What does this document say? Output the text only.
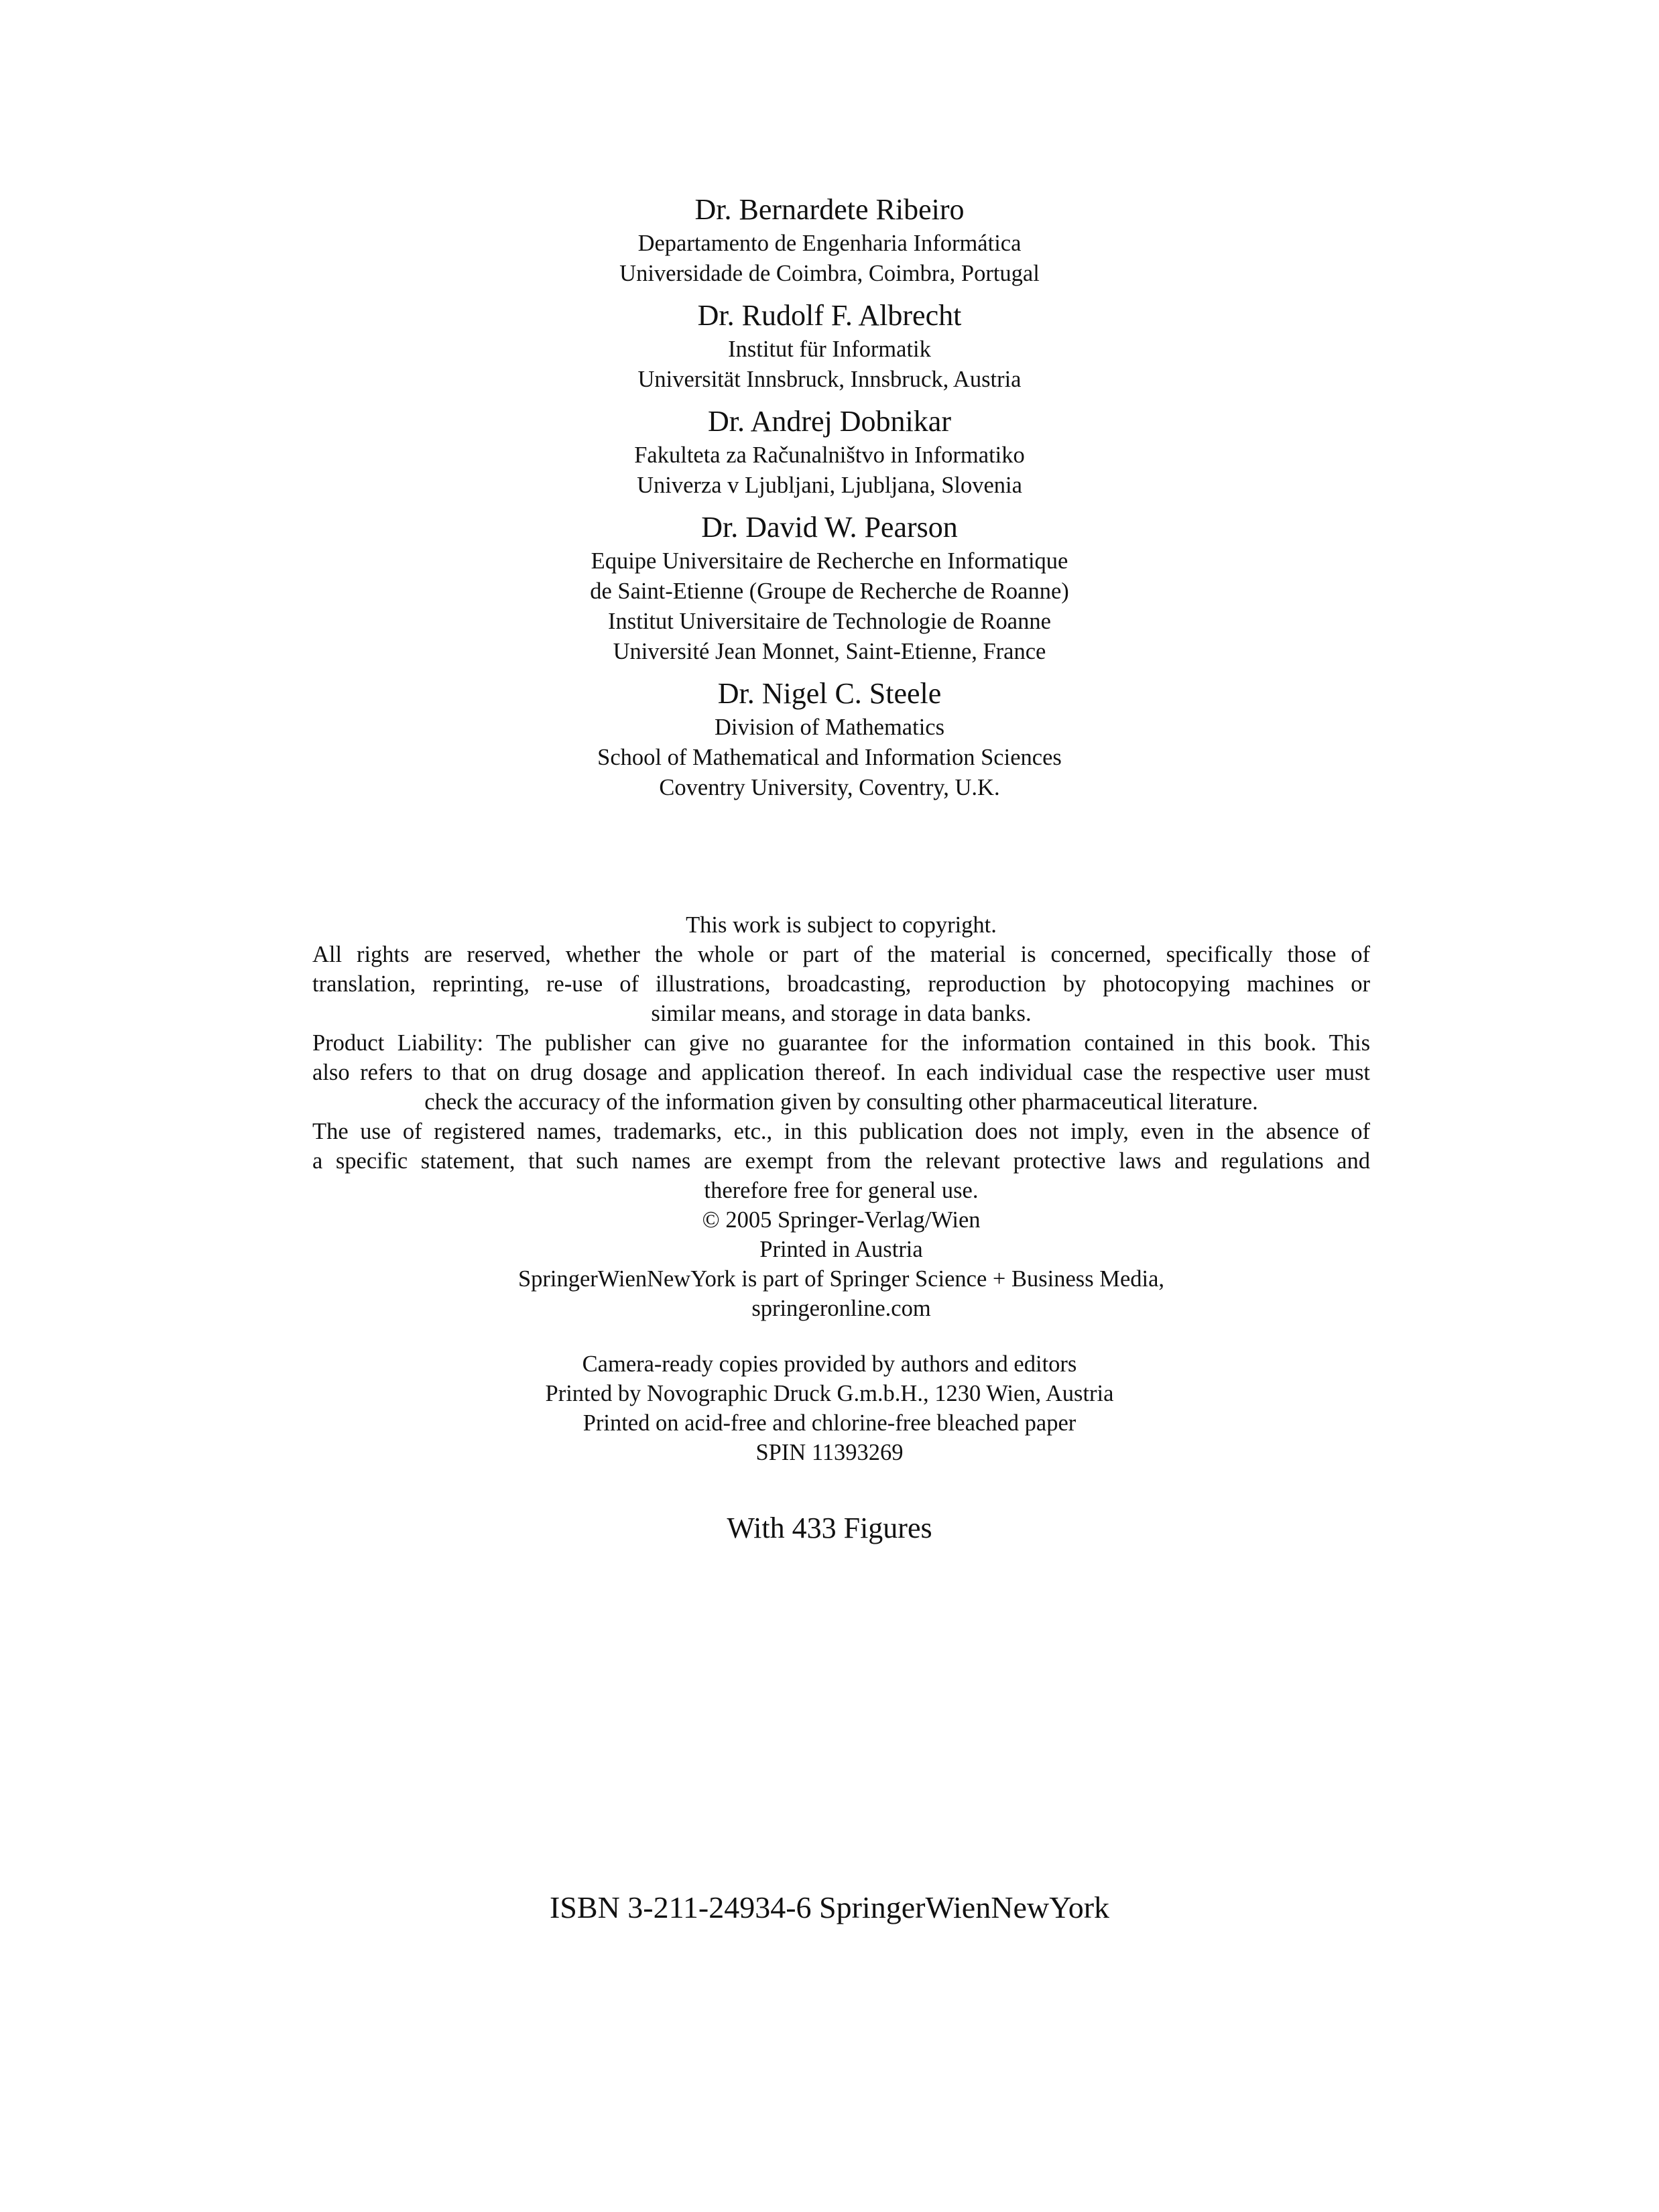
Dr. Bernardete Ribeiro
Departamento de Engenharia Informática
Universidade de Coimbra, Coimbra, Portugal
Dr. Rudolf F. Albrecht
Institut für Informatik
Universität Innsbruck, Innsbruck, Austria
Dr. Andrej Dobnikar
Fakulteta za Računalništvo in Informatiko
Univerza v Ljubljani, Ljubljana, Slovenia
Dr. David W. Pearson
Equipe Universitaire de Recherche en Informatique
de Saint-Etienne (Groupe de Recherche de Roanne)
Institut Universitaire de Technologie de Roanne
Université Jean Monnet, Saint-Etienne, France
Dr. Nigel C. Steele
Division of Mathematics
School of Mathematical and Information Sciences
Coventry University, Coventry, U.K.

This work is subject to copyright.

All rights are reserved, whether the whole or part of the material is concerned, specifically those of

translation, reprinting, re-use of illustrations, broadcasting, reproduction by photocopying machines or

similar means, and storage in data banks.

Product Liability: The publisher can give no guarantee for the information contained in this book. This

also refers to that on drug dosage and application thereof. In each individual case the respective user must

check the accuracy of the information given by consulting other pharmaceutical literature.

The use of registered names, trademarks, etc., in this publication does not imply, even in the absence of

a specific statement, that such names are exempt from the relevant protective laws and regulations and

therefore free for general use.

© 2005 Springer-Verlag/Wien

Printed in Austria

SpringerWienNewYork is part of Springer Science + Business Media,

springeronline.com

Camera-ready copies provided by authors and editors

Printed by Novographic Druck G.m.b.H., 1230 Wien, Austria

Printed on acid-free and chlorine-free bleached paper

SPIN 11393269

With 433 Figures

ISBN 3-211-24934-6 SpringerWienNewYork
